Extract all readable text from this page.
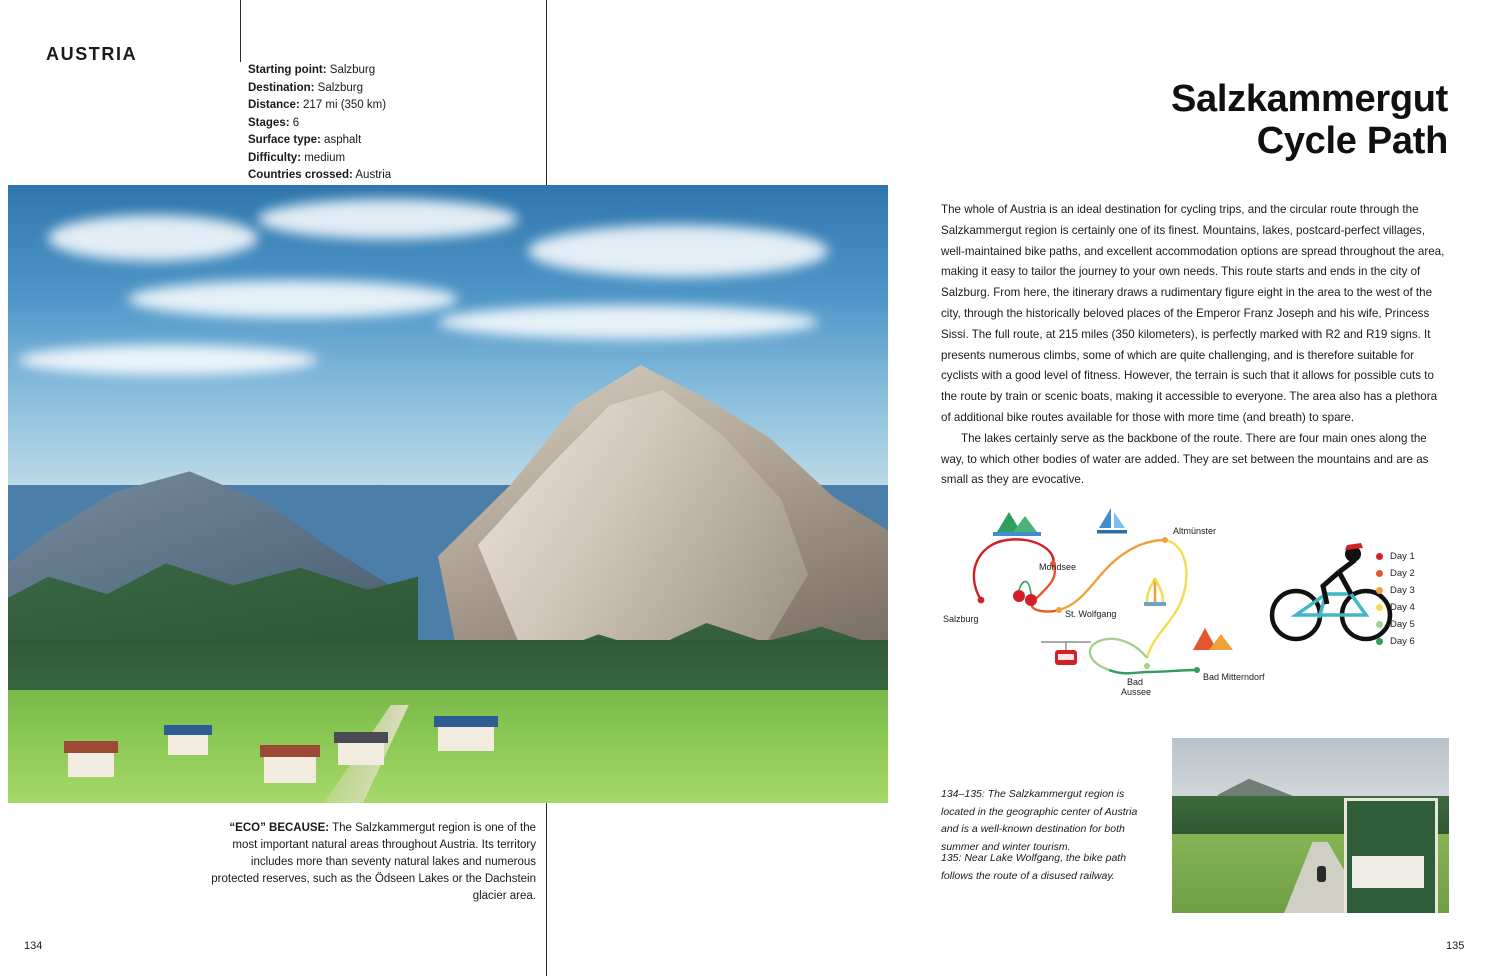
AUSTRIA
Starting point: Salzburg
Destination: Salzburg
Distance: 217 mi (350 km)
Stages: 6
Surface type: asphalt
Difficulty: medium
Countries crossed: Austria
“ECO” BECAUSE: The Salzkammergut region is one of the most important natural areas throughout Austria. Its territory includes more than seventy natural lakes and numerous protected reserves, such as the Ödseen Lakes or the Dachstein glacier area.
134
Salzkammergut
Cycle Path

The whole of Austria is an ideal destination for cycling trips, and the circular route through the Salzkammergut region is certainly one of its finest. Mountains, lakes, postcard-perfect villages, well-maintained bike paths, and excellent accommodation options are spread throughout the area, making it easy to tailor the journey to your own needs. This route starts and ends in the city of Salzburg. From here, the itinerary draws a rudimentary figure eight in the area to the west of the city, through the historically beloved places of the Emperor Franz Joseph and his wife, Princess Sissi. The full route, at 215 miles (350 kilometers), is perfectly marked with R2 and R19 signs. It presents numerous climbs, some of which are quite challenging, and is therefore suitable for cyclists with a good level of fitness. However, the terrain is such that it allows for possible cuts to the route by train or scenic boats, making it accessible to everyone. The area also has a plethora of additional bike routes available for those with more time (and breath) to spare.

The lakes certainly serve as the backbone of the route. There are four main ones along the way, to which other bodies of water are added. They are set between the mountains and are as small as they are evocative.

Salzburg
Mondsee
St. Wolfgang
Altmünster
Bad
Aussee
Bad Mitterndorf
Day 1
Day 2
Day 3
Day 4
Day 5
Day 6
134–135: The Salzkammergut region is located in the geographic center of Austria and is a well-known destination for both summer and winter tourism.
135: Near Lake Wolfgang, the bike path follows the route of a disused railway.
135
